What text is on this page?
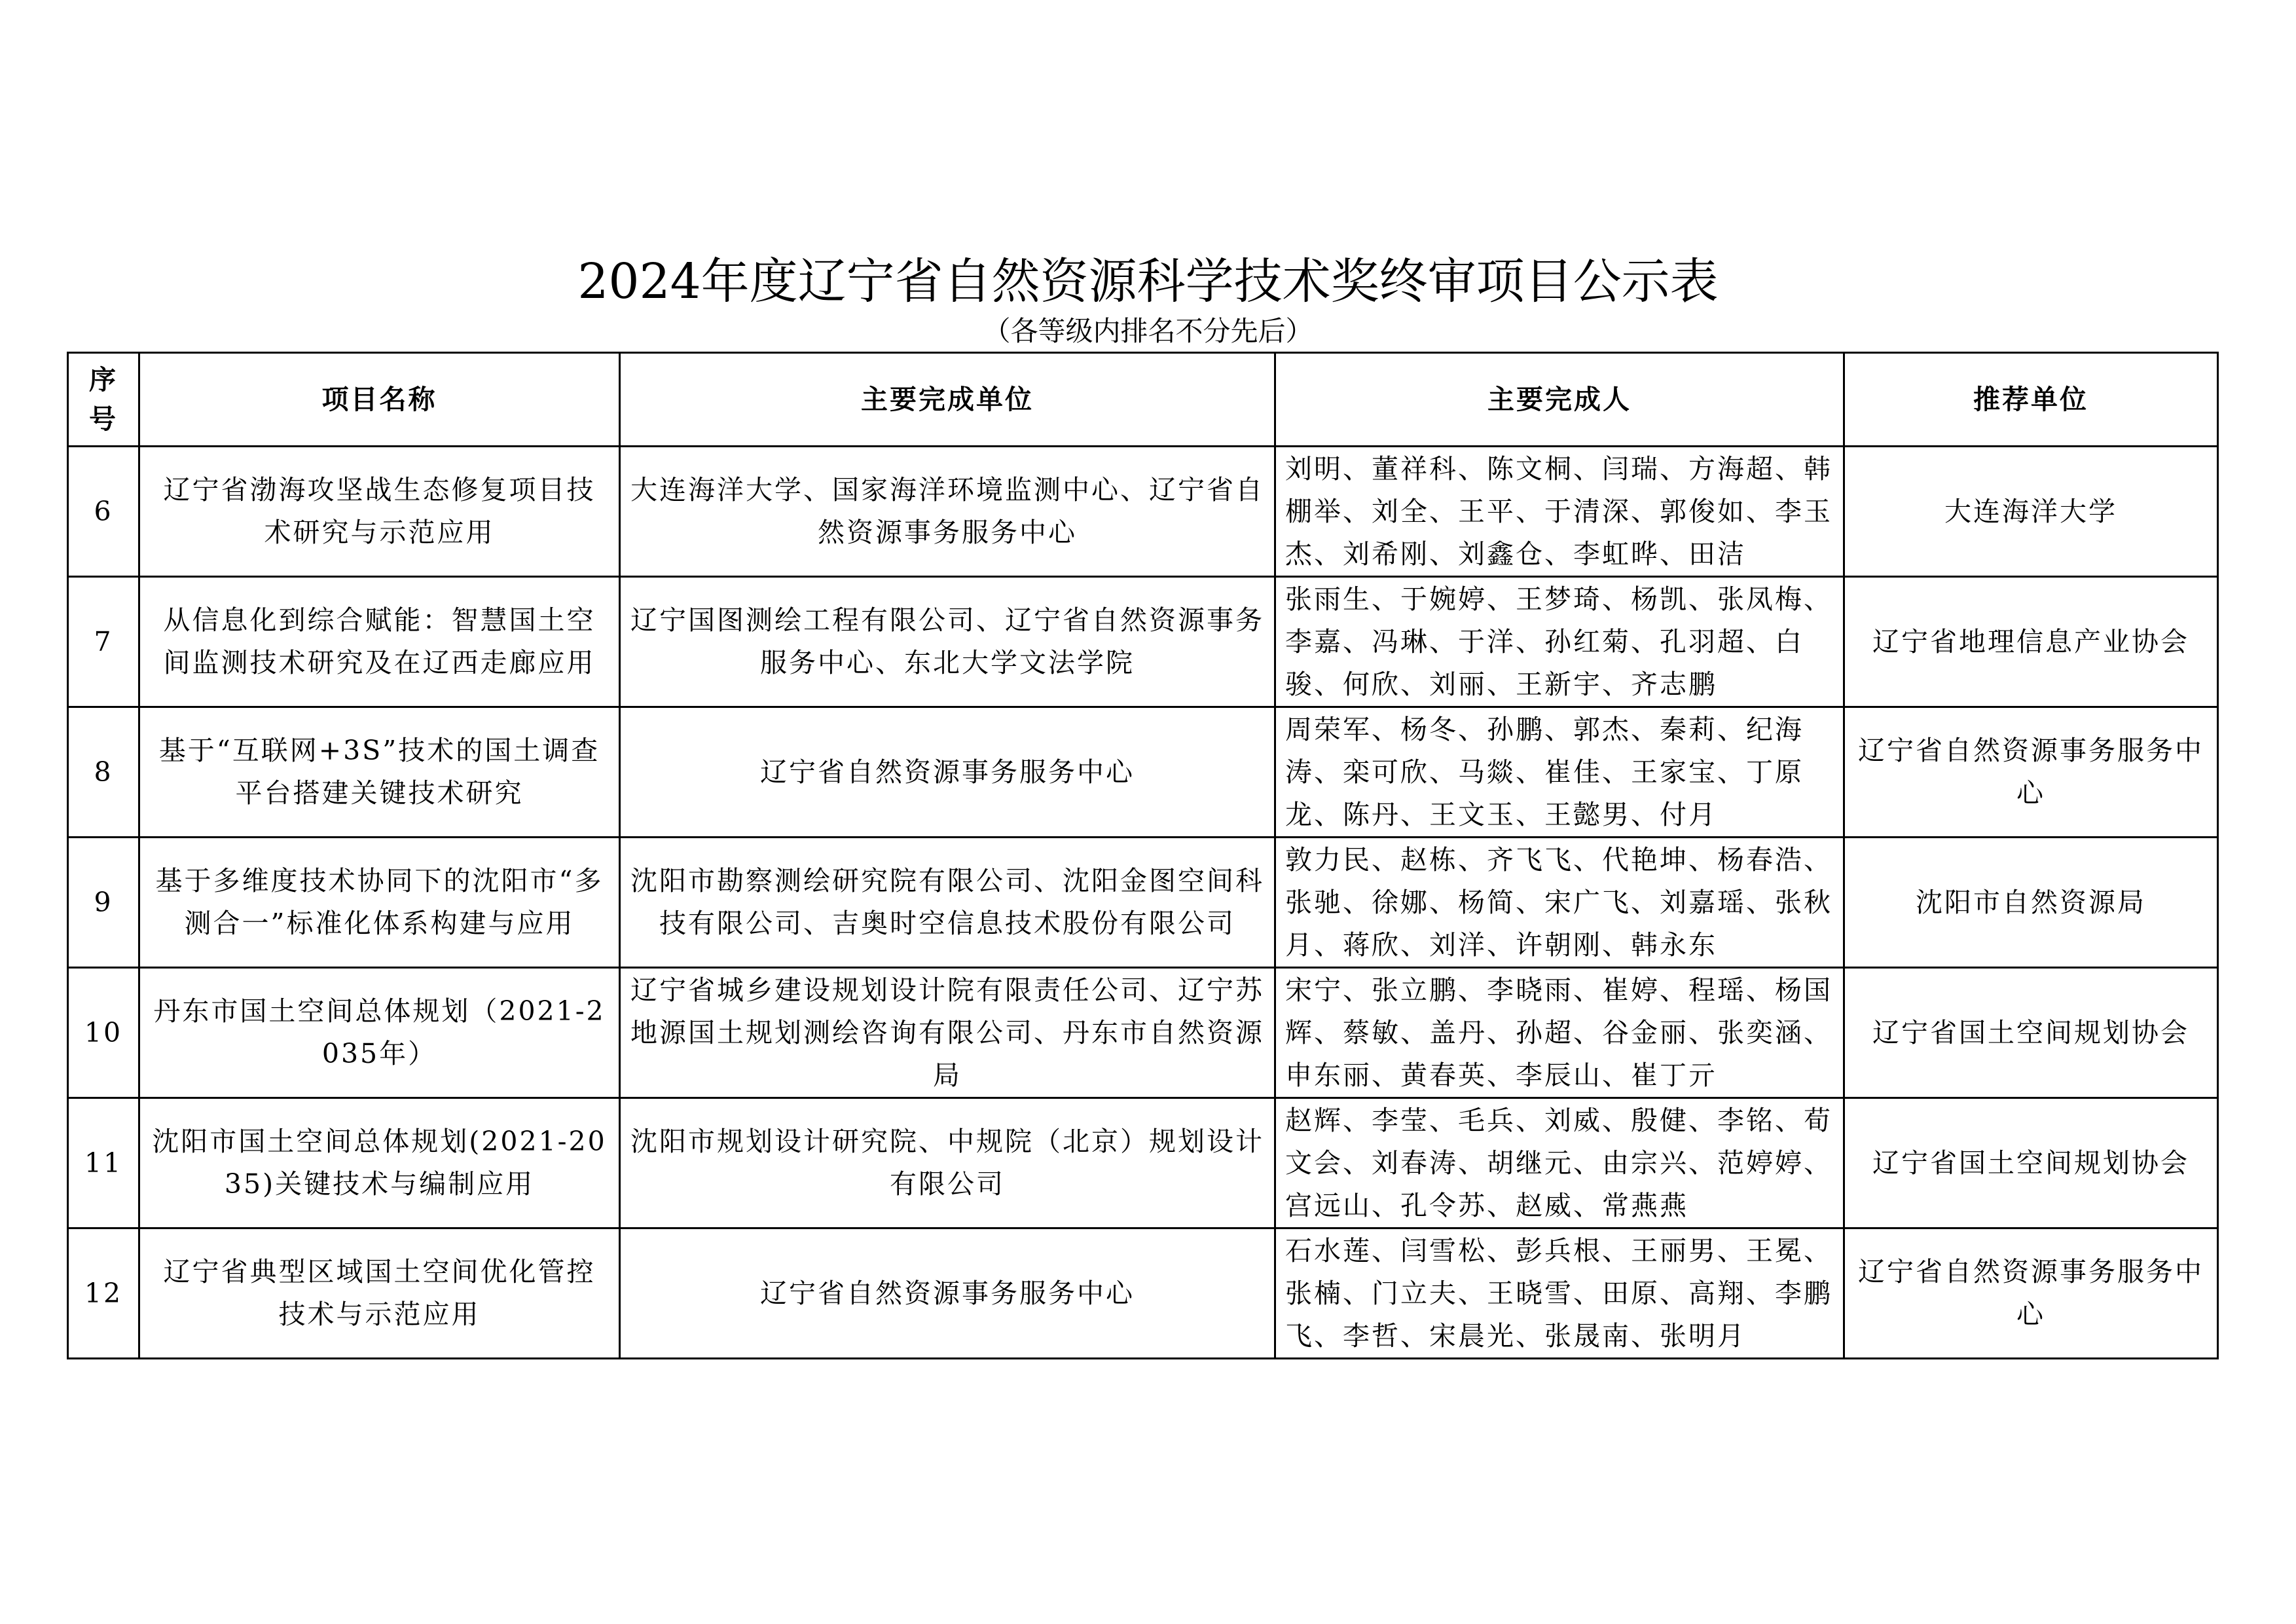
2024年度辽宁省自然资源科学技术奖终审项目公示表
（各等级内排名不分先后）
序号	项目名称	主要完成单位	主要完成人	推荐单位
6	辽宁省渤海攻坚战生态修复项目技术研究与示范应用	大连海洋大学、国家海洋环境监测中心、辽宁省自然资源事务服务中心	刘明、董祥科、陈文桐、闫瑞、方海超、韩棚举、刘全、王平、于清深、郭俊如、李玉杰、刘希刚、刘鑫仓、李虹晔、田洁	大连海洋大学
7	从信息化到综合赋能：智慧国土空间监测技术研究及在辽西走廊应用	辽宁国图测绘工程有限公司、辽宁省自然资源事务服务中心、东北大学文法学院	张雨生、于婉婷、王梦琦、杨凯、张凤梅、李嘉、冯琳、于洋、孙红菊、孔羽超、白骏、何欣、刘丽、王新宇、齐志鹏	辽宁省地理信息产业协会
8	基于“互联网+3S”技术的国土调查平台搭建关键技术研究	辽宁省自然资源事务服务中心	周荣军、杨冬、孙鹏、郭杰、秦莉、纪海涛、栾可欣、马燚、崔佳、王家宝、丁原龙、陈丹、王文玉、王懿男、付月	辽宁省自然资源事务服务中心
9	基于多维度技术协同下的沈阳市“多测合一”标准化体系构建与应用	沈阳市勘察测绘研究院有限公司、沈阳金图空间科技有限公司、吉奥时空信息技术股份有限公司	敦力民、赵栋、齐飞飞、代艳坤、杨春浩、张驰、徐娜、杨简、宋广飞、刘嘉瑶、张秋月、蒋欣、刘洋、许朝刚、韩永东	沈阳市自然资源局
10	丹东市国土空间总体规划（2021-2035年）	辽宁省城乡建设规划设计院有限责任公司、辽宁苏地源国土规划测绘咨询有限公司、丹东市自然资源局	宋宁、张立鹏、李晓雨、崔婷、程瑶、杨国辉、蔡敏、盖丹、孙超、谷金丽、张奕涵、申东丽、黄春英、李辰山、崔丁亓	辽宁省国土空间规划协会
11	沈阳市国土空间总体规划(2021-2035)关键技术与编制应用	沈阳市规划设计研究院、中规院（北京）规划设计有限公司	赵辉、李莹、毛兵、刘威、殷健、李铭、荀文会、刘春涛、胡继元、由宗兴、范婷婷、宫远山、孔令苏、赵威、常燕燕	辽宁省国土空间规划协会
12	辽宁省典型区域国土空间优化管控技术与示范应用	辽宁省自然资源事务服务中心	石水莲、闫雪松、彭兵根、王丽男、王冕、张楠、门立夫、王晓雪、田原、高翔、李鹏飞、李哲、宋晨光、张晟南、张明月	辽宁省自然资源事务服务中心
